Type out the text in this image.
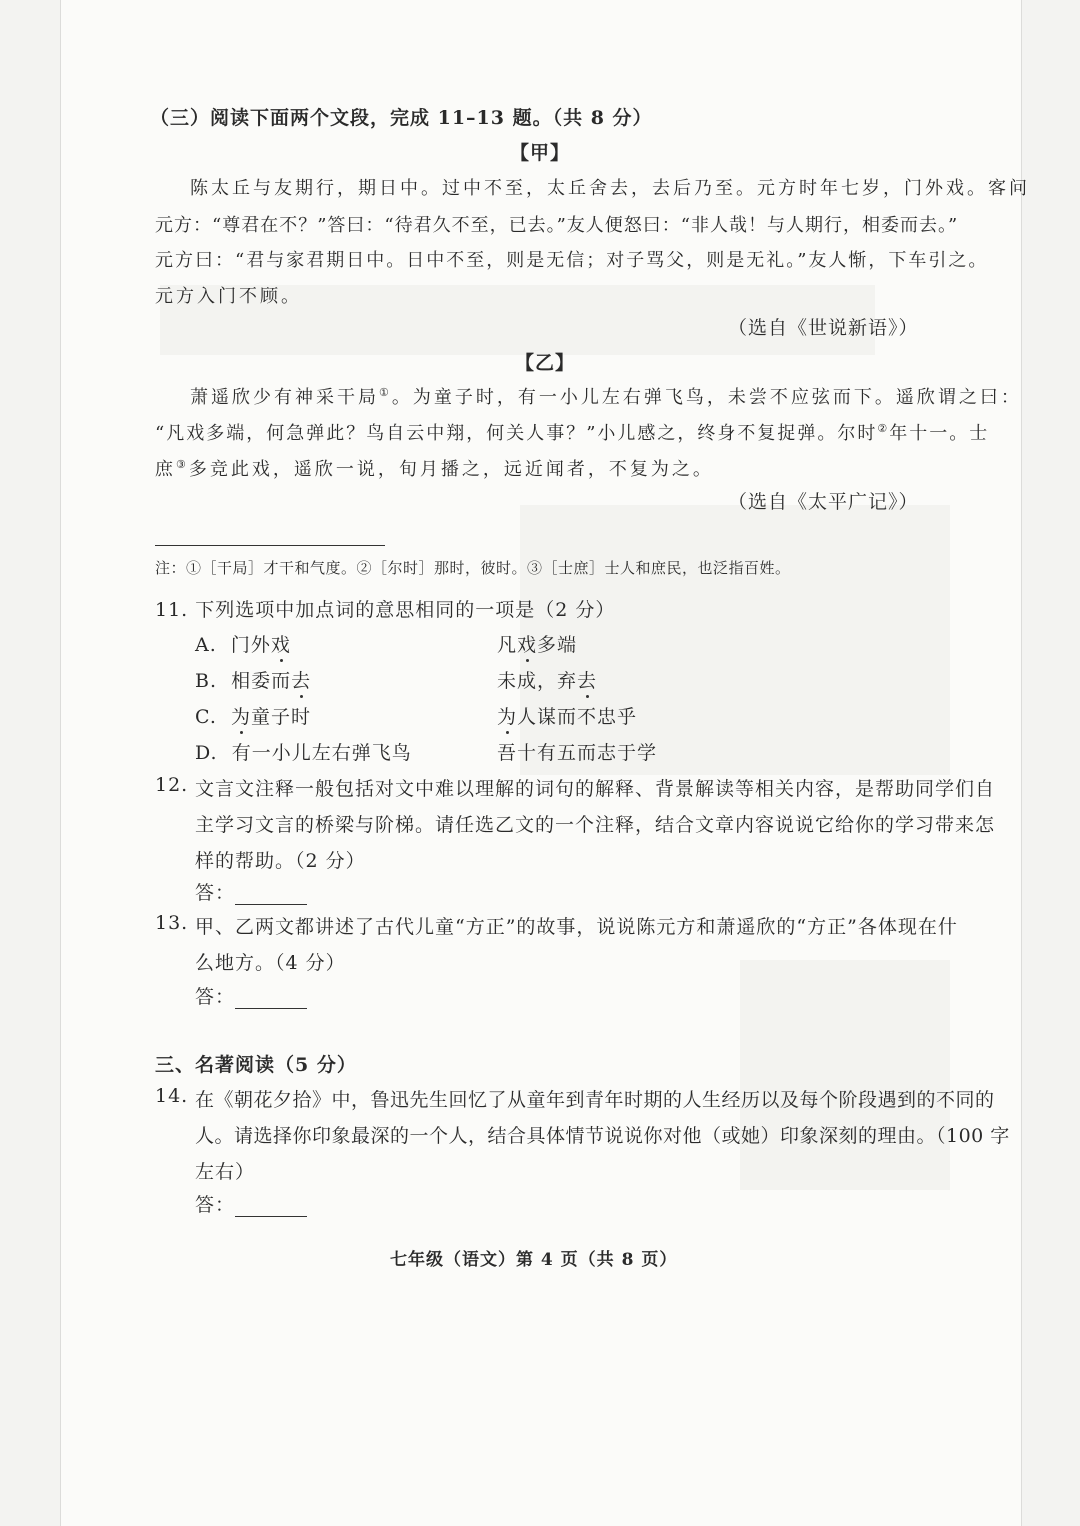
（三）阅读下面两个文段，完成 11–13 题。（共 8 分）
【甲】
陈太丘与友期行，期日中。过中不至，太丘舍去，去后乃至。元方时年七岁，门外戏。客问
元方：“尊君在不？”答曰：“待君久不至，已去。”友人便怒曰：“非人哉！与人期行，相委而去。”
元方曰：“君与家君期日中。日中不至，则是无信；对子骂父，则是无礼。”友人惭，下车引之。
元方入门不顾。
（选自《世说新语》）
【乙】
萧遥欣少有神采干局①。为童子时，有一小儿左右弹飞鸟，未尝不应弦而下。遥欣谓之曰：
“凡戏多端，何急弹此？鸟自云中翔，何关人事？”小儿感之，终身不复捉弹。尔时②年十一。士
庶③多竞此戏，遥欣一说，旬月播之，远近闻者，不复为之。
（选自《太平广记》）
注：①［干局］才干和气度。②［尔时］那时，彼时。③［士庶］士人和庶民，也泛指百姓。
11. 下列选项中加点词的意思相同的一项是（2 分）
A. 门外戏	凡戏多端
B. 相委而去	未成，弃去
C. 为童子时	为人谋而不忠乎
D. 有一小儿左右弹飞鸟	吾十有五而志于学
12. 文言文注释一般包括对文中难以理解的词句的解释、背景解读等相关内容，是帮助同学们自
主学习文言的桥梁与阶梯。请任选乙文的一个注释，结合文章内容说说它给你的学习带来怎
样的帮助。（2 分）
答：
13. 甲、乙两文都讲述了古代儿童“方正”的故事，说说陈元方和萧遥欣的“方正”各体现在什
么地方。（4 分）
答：
三、名著阅读（5 分）
14. 在《朝花夕拾》中，鲁迅先生回忆了从童年到青年时期的人生经历以及每个阶段遇到的不同的
人。请选择你印象最深的一个人，结合具体情节说说你对他（或她）印象深刻的理由。（100 字
左右）
答：
七年级（语文）第 4 页（共 8 页）
